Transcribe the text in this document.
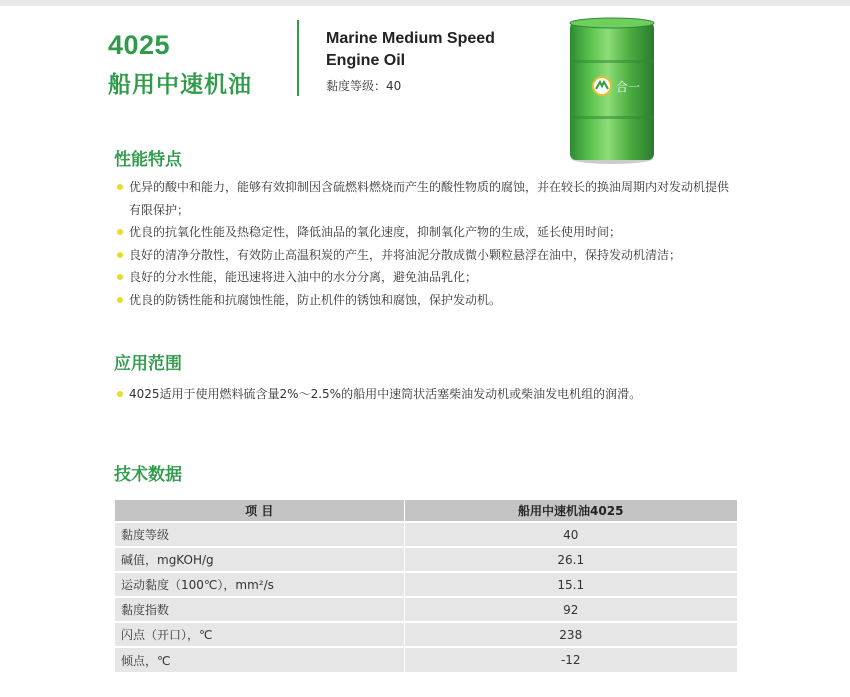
4025
船用中速机油
Marine Medium Speed
Engine Oil
黏度等级：40	合一
性能特点
优异的酸中和能力，能够有效抑制因含硫燃料燃烧而产生的酸性物质的腐蚀，并在较长的换油周期内对发动机提供
有限保护；
优良的抗氧化性能及热稳定性，降低油品的氧化速度，抑制氧化产物的生成，延长使用时间；
良好的清净分散性，有效防止高温积炭的产生，并将油泥分散成微小颗粒悬浮在油中，保持发动机清洁；
良好的分水性能，能迅速将进入油中的水分分离，避免油品乳化；
优良的防锈性能和抗腐蚀性能，防止机件的锈蚀和腐蚀，保护发动机。
应用范围
4025适用于使用燃料硫含量2%～2.5%的船用中速筒状活塞柴油发动机或柴油发电机组的润滑。
技术数据
项 目	船用中速机油4025
黏度等级	40
碱值，mgKOH/g	26.1
运动黏度（100℃），mm²/s	15.1
黏度指数	92
闪点（开口），℃	238
倾点，℃	-12
